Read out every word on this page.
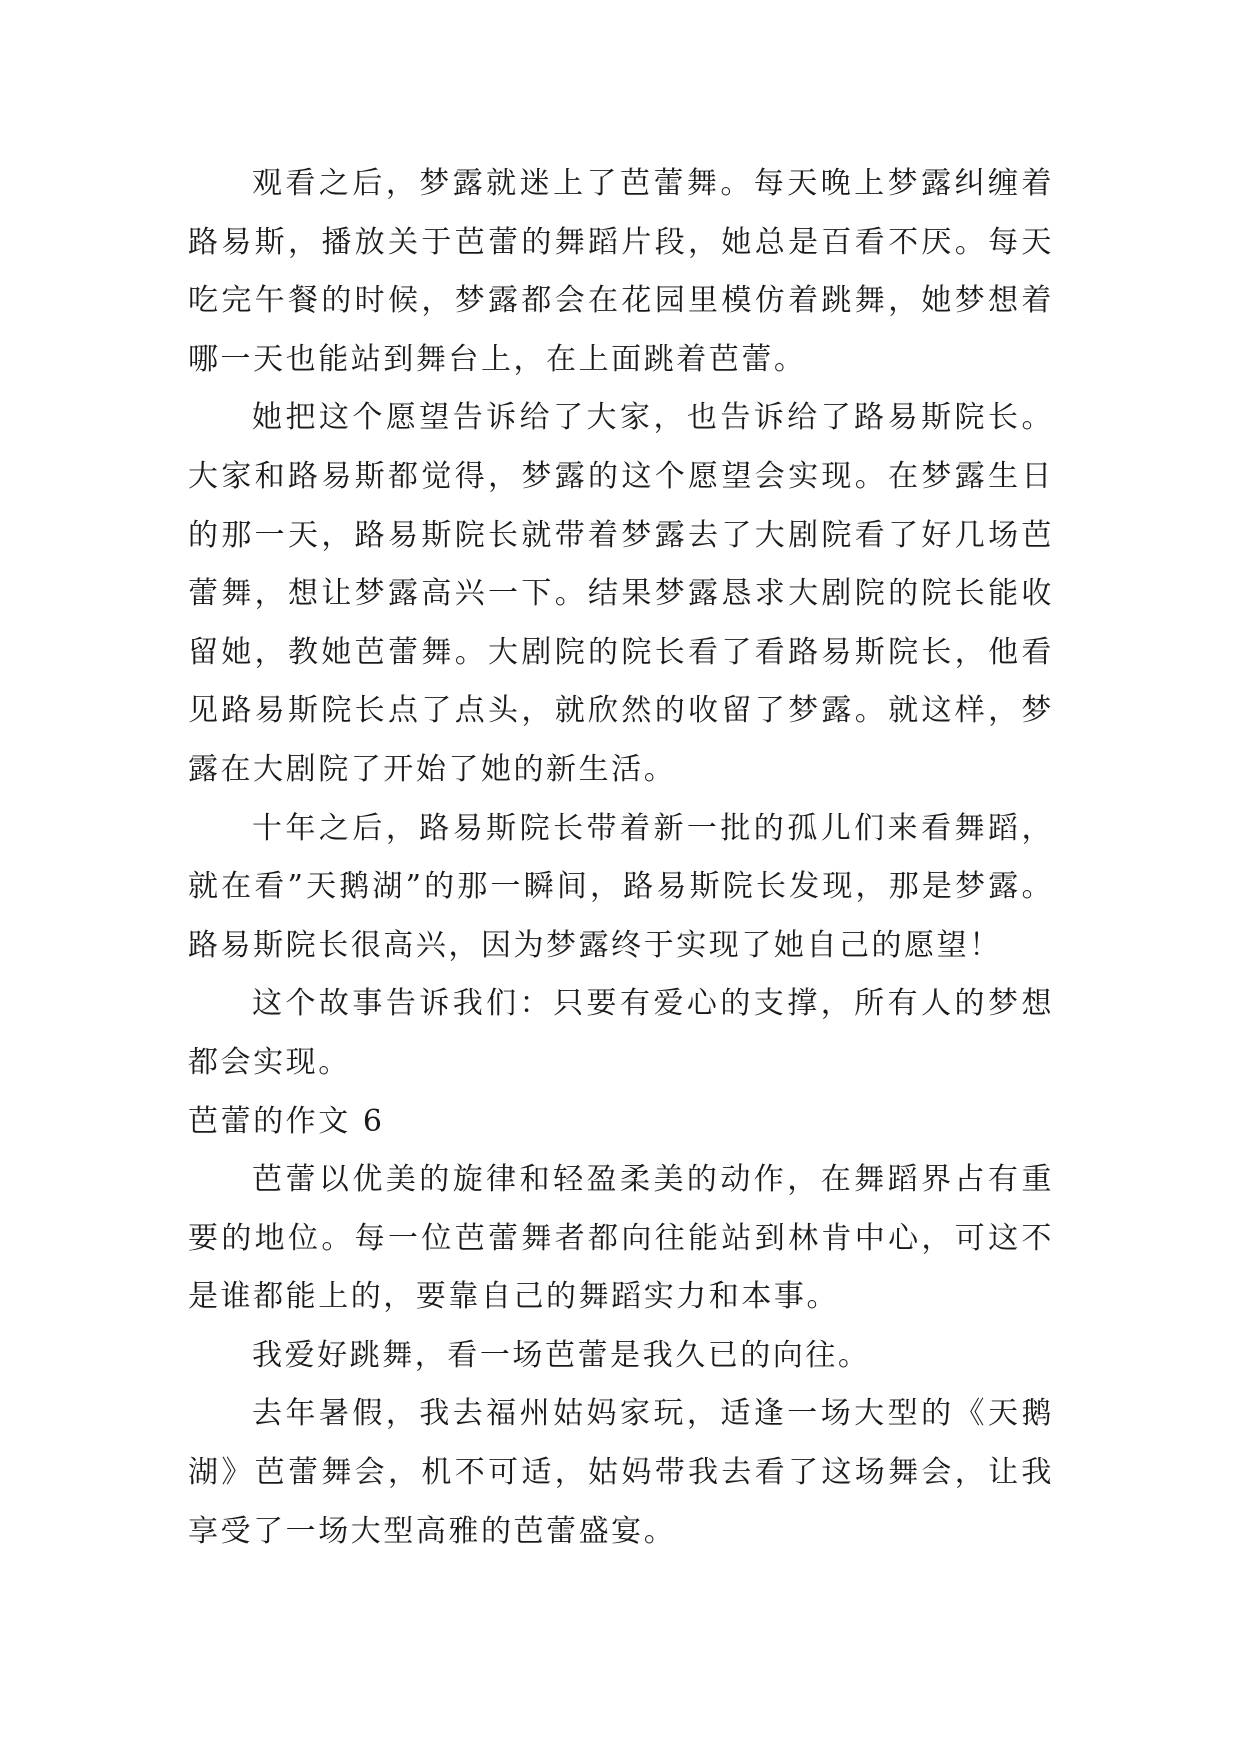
观看之后，梦露就迷上了芭蕾舞。每天晚上梦露纠缠着路易斯，播放关于芭蕾的舞蹈片段，她总是百看不厌。每天吃完午餐的时候，梦露都会在花园里模仿着跳舞，她梦想着哪一天也能站到舞台上，在上面跳着芭蕾。

她把这个愿望告诉给了大家，也告诉给了路易斯院长。大家和路易斯都觉得，梦露的这个愿望会实现。在梦露生日的那一天，路易斯院长就带着梦露去了大剧院看了好几场芭蕾舞，想让梦露高兴一下。结果梦露恳求大剧院的院长能收留她，教她芭蕾舞。大剧院的院长看了看路易斯院长，他看见路易斯院长点了点头，就欣然的收留了梦露。就这样，梦露在大剧院了开始了她的新生活。

十年之后，路易斯院长带着新一批的孤儿们来看舞蹈，就在看”天鹅湖”的那一瞬间，路易斯院长发现，那是梦露。路易斯院长很高兴，因为梦露终于实现了她自己的愿望！

这个故事告诉我们：只要有爱心的支撑，所有人的梦想都会实现。

芭蕾的作文 6

芭蕾以优美的旋律和轻盈柔美的动作，在舞蹈界占有重要的地位。每一位芭蕾舞者都向往能站到林肯中心，可这不是谁都能上的，要靠自己的舞蹈实力和本事。

我爱好跳舞，看一场芭蕾是我久已的向往。

去年暑假，我去福州姑妈家玩，适逢一场大型的《天鹅湖》芭蕾舞会，机不可适，姑妈带我去看了这场舞会，让我享受了一场大型高雅的芭蕾盛宴。
